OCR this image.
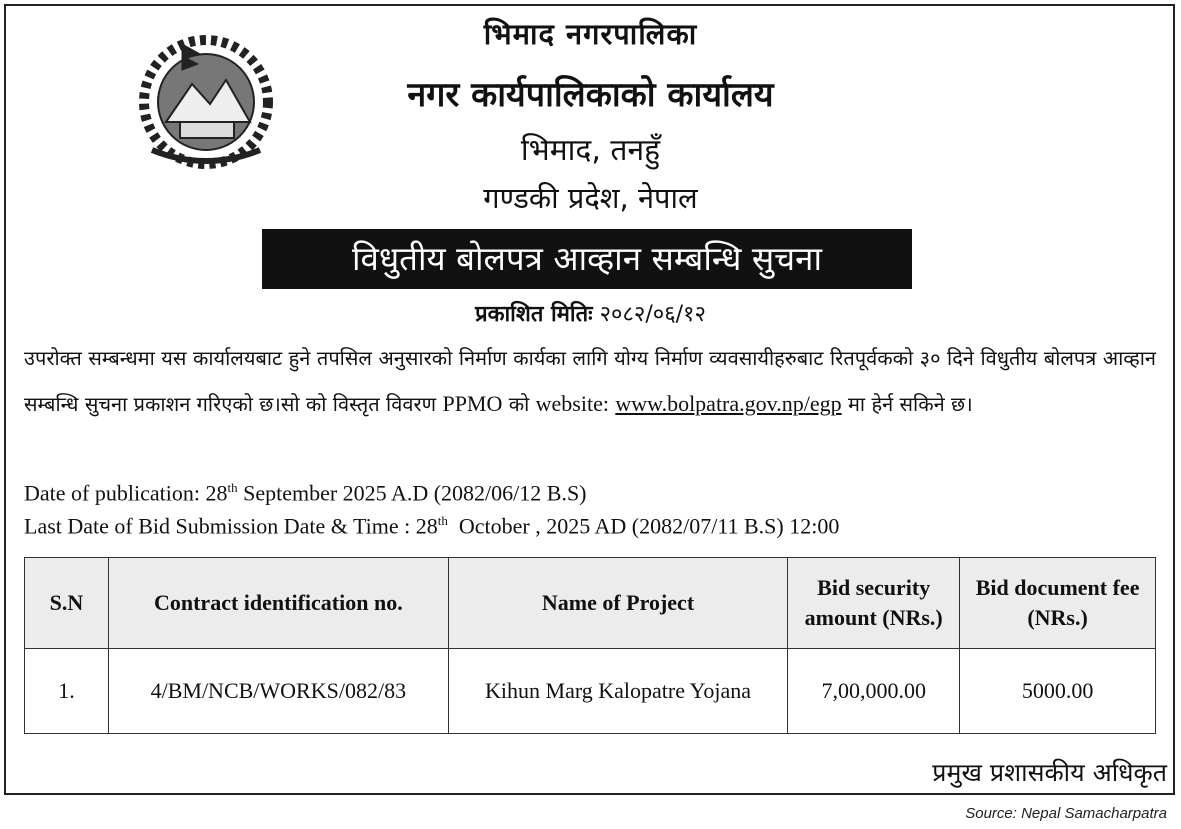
भिमाद नगरपालिका
नगर कार्यपालिकाको कार्यालय
भिमाद, तनहुँ
गण्डकी प्रदेश, नेपाल
विधुतीय बोलपत्र आव्हान सम्बन्धि सुचना
प्रकाशित मितिः २०८२/०६/१२
उपरोक्त सम्बन्धमा यस कार्यालयबाट हुने तपसिल अनुसारको निर्माण कार्यका लागि योग्य निर्माण व्यवसायीहरुबाट रितपूर्वकको ३० दिने विधुतीय बोलपत्र आव्हान सम्बन्धि सुचना प्रकाशन गरिएको छ।सो को विस्तृत विवरण PPMO को website: www.bolpatra.gov.np/egp मा हेर्न सकिने छ।
Date of publication: 28th September 2025 A.D (2082/06/12 B.S)
Last Date of Bid Submission Date & Time : 28th  October , 2025 AD (2082/07/11 B.S) 12:00
S.N	Contract identification no.	Name of Project	Bid security amount (NRs.)	Bid document fee (NRs.)
1.	4/BM/NCB/WORKS/082/83	Kihun Marg Kalopatre Yojana	7,00,000.00	5000.00
प्रमुख प्रशासकीय अधिकृत
Source: Nepal Samacharpatra
